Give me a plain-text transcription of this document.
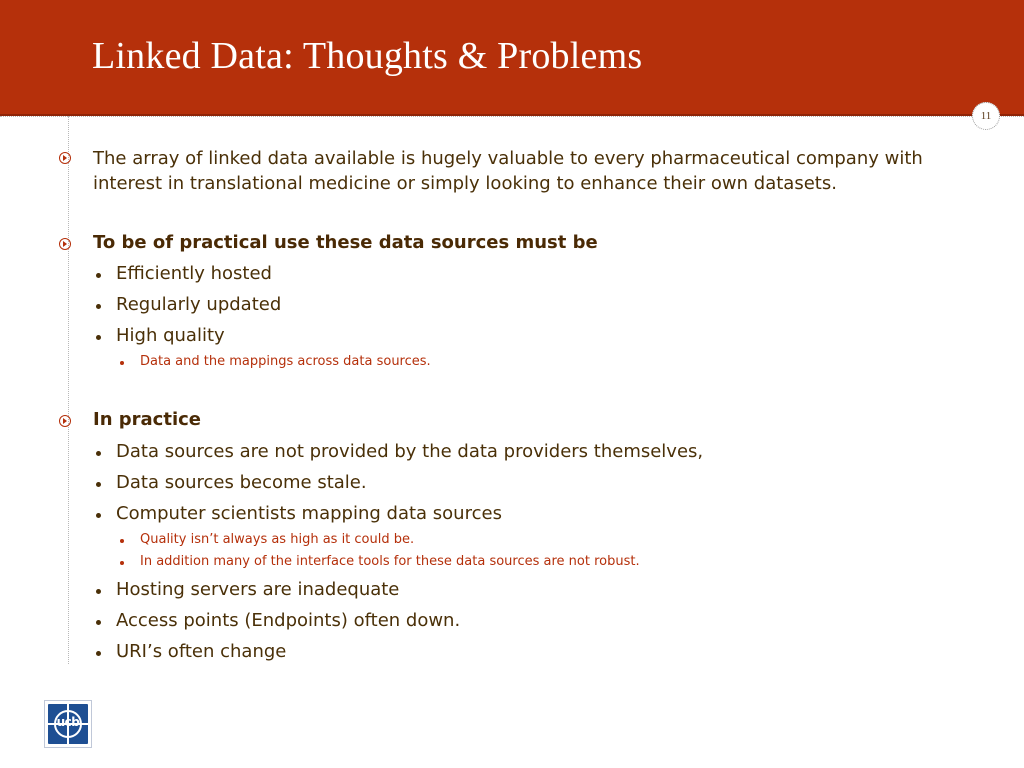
Linked Data: Thoughts & Problems
11
The array of linked data available is hugely valuable to every pharmaceutical company with interest in translational medicine or simply looking to enhance their own datasets.
To be of practical use these data sources must be
Efficiently hosted
Regularly updated
High quality
Data and the mappings across data sources.
In practice
Data sources are not provided by the data providers themselves,
Data sources become stale.
Computer scientists mapping data sources
Quality isn’t always as high as it could be.
In addition many of the interface tools for these data sources are not robust.
Hosting servers are inadequate
Access points (Endpoints) often down.
URI’s often change
ucb
